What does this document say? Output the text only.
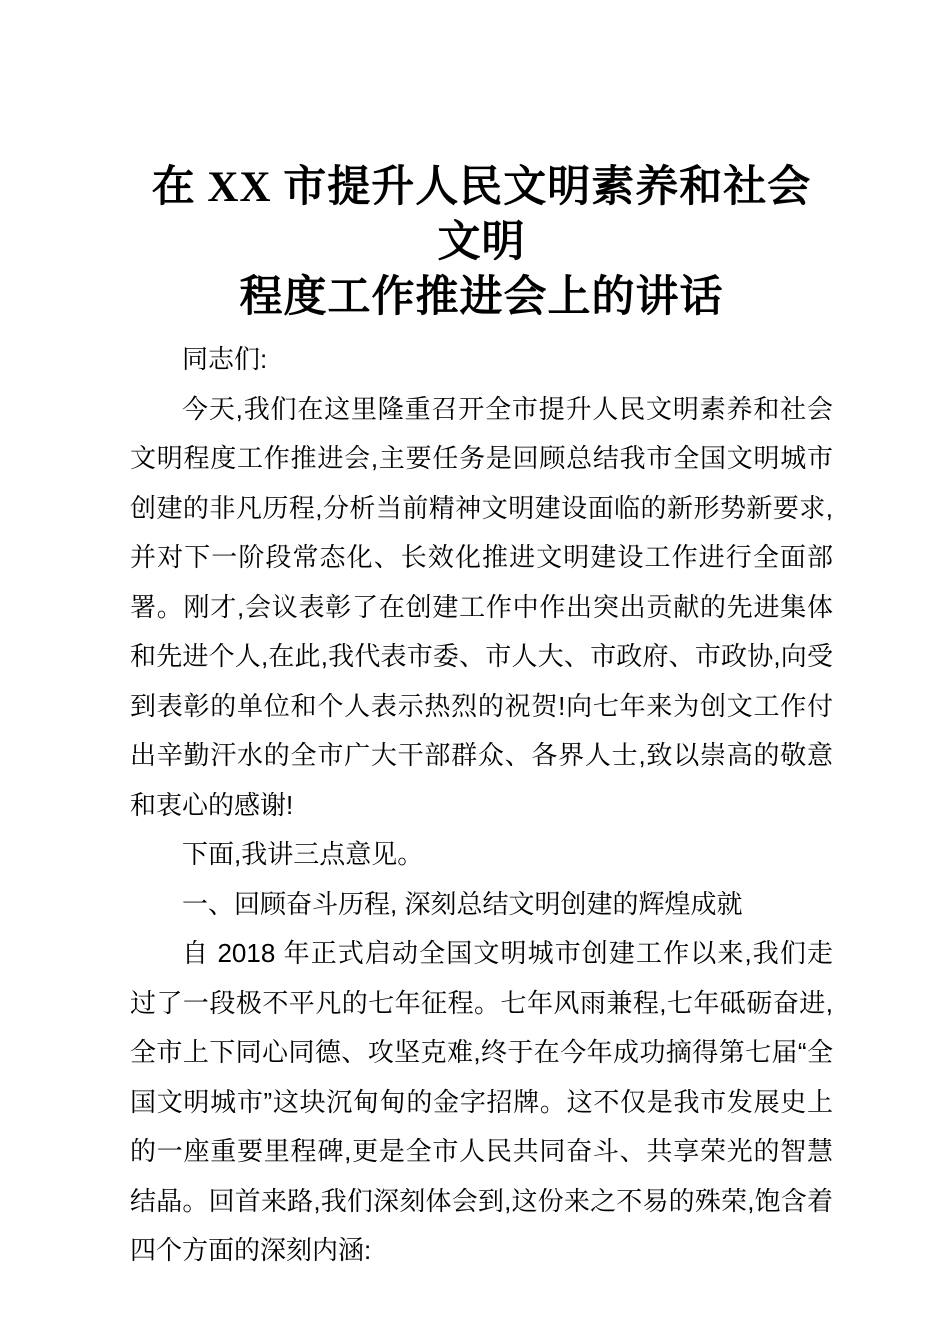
在 XX 市提升人民文明素养和社会文明
程度工作推进会上的讲话

同志们:

今天,我们在这里隆重召开全市提升人民文明素养和社会文明程度工作推进会,主要任务是回顾总结我市全国文明城市创建的非凡历程,分析当前精神文明建设面临的新形势新要求,并对下一阶段常态化、长效化推进文明建设工作进行全面部署。刚才,会议表彰了在创建工作中作出突出贡献的先进集体和先进个人,在此,我代表市委、市人大、市政府、市政协,向受到表彰的单位和个人表示热烈的祝贺!向七年来为创文工作付出辛勤汗水的全市广大干部群众、各界人士,致以崇高的敬意和衷心的感谢!

下面,我讲三点意见。

一、回顾奋斗历程, 深刻总结文明创建的辉煌成就

自 2018 年正式启动全国文明城市创建工作以来,我们走过了一段极不平凡的七年征程。七年风雨兼程,七年砥砺奋进,全市上下同心同德、攻坚克难,终于在今年成功摘得第七届“全国文明城市”这块沉甸甸的金字招牌。这不仅是我市发展史上的一座重要里程碑,更是全市人民共同奋斗、共享荣光的智慧结晶。回首来路,我们深刻体会到,这份来之不易的殊荣,饱含着四个方面的深刻内涵:
